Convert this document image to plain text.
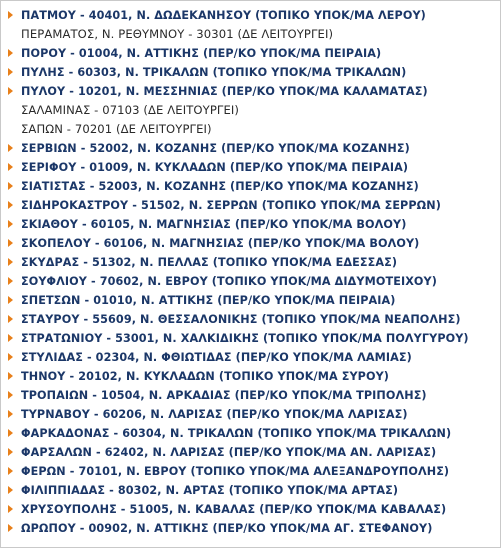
ΠΑΤΜΟΥ - 40401, Ν. ΔΩΔΕΚΑΝΗΣΟΥ (ΤΟΠΙΚΟ ΥΠΟΚ/ΜΑ ΛΕΡΟΥ)
ΠΕΡΑΜΑΤΟΣ, Ν. ΡΕΘΥΜΝΟΥ - 30301 (ΔΕ ΛΕΙΤΟΥΡΓΕΙ)
ΠΟΡΟΥ - 01004, Ν. ΑΤΤΙΚΗΣ (ΠΕΡ/ΚΟ ΥΠΟΚ/ΜΑ ΠΕΙΡΑΙΑ)
ΠΥΛΗΣ - 60303, Ν. ΤΡΙΚΑΛΩΝ (ΤΟΠΙΚΟ ΥΠΟΚ/ΜΑ ΤΡΙΚΑΛΩΝ)
ΠΥΛΟΥ - 10201, Ν. ΜΕΣΣΗΝΙΑΣ (ΠΕΡ/ΚΟ ΥΠΟΚ/ΜΑ ΚΑΛΑΜΑΤΑΣ)
ΣΑΛΑΜΙΝΑΣ - 07103 (ΔΕ ΛΕΙΤΟΥΡΓΕΙ)
ΣΑΠΩΝ - 70201 (ΔΕ ΛΕΙΤΟΥΡΓΕΙ)
ΣΕΡΒΙΩΝ - 52002, Ν. ΚΟΖΑΝΗΣ (ΠΕΡ/ΚΟ ΥΠΟΚ/ΜΑ ΚΟΖΑΝΗΣ)
ΣΕΡΙΦΟΥ - 01009, Ν. ΚΥΚΛΑΔΩΝ (ΠΕΡ/ΚΟ ΥΠΟΚ/ΜΑ ΠΕΙΡΑΙΑ)
ΣΙΑΤΙΣΤΑΣ - 52003, Ν. ΚΟΖΑΝΗΣ (ΠΕΡ/ΚΟ ΥΠΟΚ/ΜΑ ΚΟΖΑΝΗΣ)
ΣΙΔΗΡΟΚΑΣΤΡΟΥ - 51502, Ν. ΣΕΡΡΩΝ (ΤΟΠΙΚΟ ΥΠΟΚ/ΜΑ ΣΕΡΡΩΝ)
ΣΚΙΑΘΟΥ - 60105, Ν. ΜΑΓΝΗΣΙΑΣ (ΠΕΡ/ΚΟ ΥΠΟΚ/ΜΑ ΒΟΛΟΥ)
ΣΚΟΠΕΛΟΥ - 60106, Ν. ΜΑΓΝΗΣΙΑΣ (ΠΕΡ/ΚΟ ΥΠΟΚ/ΜΑ ΒΟΛΟΥ)
ΣΚΥΔΡΑΣ - 51302, Ν. ΠΕΛΛΑΣ (ΤΟΠΙΚΟ ΥΠΟΚ/ΜΑ ΕΔΕΣΣΑΣ)
ΣΟΥΦΛΙΟΥ - 70602, Ν. ΕΒΡΟΥ (ΤΟΠΙΚΟ ΥΠΟΚ/ΜΑ ΔΙΔΥΜΟΤΕΙΧΟΥ)
ΣΠΕΤΣΩΝ - 01010, Ν. ΑΤΤΙΚΗΣ (ΠΕΡ/ΚΟ ΥΠΟΚ/ΜΑ ΠΕΙΡΑΙΑ)
ΣΤΑΥΡΟΥ - 55609, Ν. ΘΕΣΣΑΛΟΝΙΚΗΣ (ΤΟΠΙΚΟ ΥΠΟΚ/ΜΑ ΝΕΑΠΟΛΗΣ)
ΣΤΡΑΤΩΝΙΟΥ - 53001, Ν. ΧΑΛΚΙΔΙΚΗΣ (ΤΟΠΙΚΟ ΥΠΟΚ/ΜΑ ΠΟΛΥΓΥΡΟΥ)
ΣΤΥΛΙΔΑΣ - 02304, Ν. ΦΘΙΩΤΙΔΑΣ (ΠΕΡ/ΚΟ ΥΠΟΚ/ΜΑ ΛΑΜΙΑΣ)
ΤΗΝΟΥ - 20102, Ν. ΚΥΚΛΑΔΩΝ (ΤΟΠΙΚΟ ΥΠΟΚ/ΜΑ ΣΥΡΟΥ)
ΤΡΟΠΑΙΩΝ - 10504, Ν. ΑΡΚΑΔΙΑΣ (ΠΕΡ/ΚΟ ΥΠΟΚ/ΜΑ ΤΡΙΠΟΛΗΣ)
ΤΥΡΝΑΒΟΥ - 60206, Ν. ΛΑΡΙΣΑΣ (ΠΕΡ/ΚΟ ΥΠΟΚ/ΜΑ ΛΑΡΙΣΑΣ)
ΦΑΡΚΑΔΟΝΑΣ - 60304, Ν. ΤΡΙΚΑΛΩΝ (ΤΟΠΙΚΟ ΥΠΟΚ/ΜΑ ΤΡΙΚΑΛΩΝ)
ΦΑΡΣΑΛΩΝ - 62402, Ν. ΛΑΡΙΣΑΣ (ΠΕΡ/ΚΟ ΥΠΟΚ/ΜΑ ΑΝ. ΛΑΡΙΣΑΣ)
ΦΕΡΩΝ - 70101, Ν. ΕΒΡΟΥ (ΤΟΠΙΚΟ ΥΠΟΚ/ΜΑ ΑΛΕΞΑΝΔΡΟΥΠΟΛΗΣ)
ΦΙΛΙΠΠΙΑΔΑΣ - 80302, Ν. ΑΡΤΑΣ (ΤΟΠΙΚΟ ΥΠΟΚ/ΜΑ ΑΡΤΑΣ)
ΧΡΥΣΟΥΠΟΛΗΣ - 51005, Ν. ΚΑΒΑΛΑΣ (ΠΕΡ/ΚΟ ΥΠΟΚ/ΜΑ ΚΑΒΑΛΑΣ)
ΩΡΩΠΟΥ - 00902, Ν. ΑΤΤΙΚΗΣ (ΠΕΡ/ΚΟ ΥΠΟΚ/ΜΑ ΑΓ. ΣΤΕΦΑΝΟΥ)
